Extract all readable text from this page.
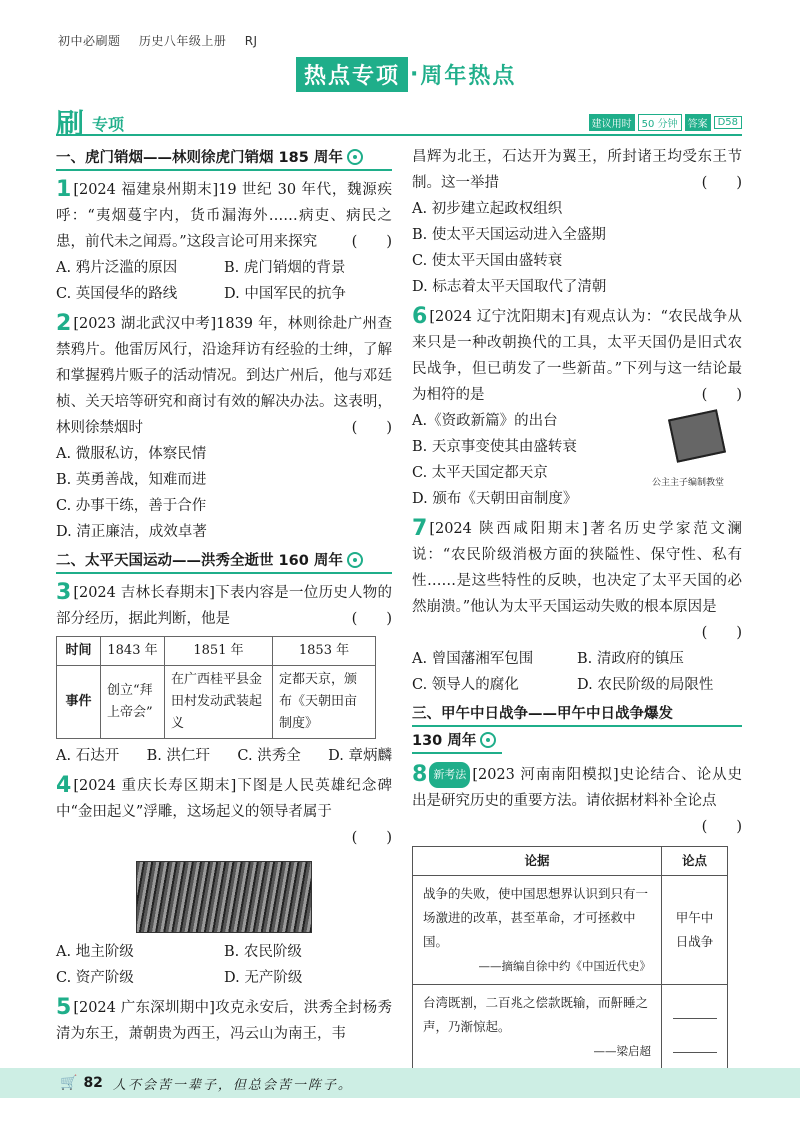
初中必刷题 历史八年级上册 RJ
热点专项 · 周年热点
刷 专项	建议用时	50 分钟	答案	D58
一、虎门销烟——林则徐虎门销烟 185 周年
1 [2024 福建泉州期末]19 世纪 30 年代，魏源疾呼：“夷烟蔓宇内，货币漏海外……病吏、病民之患，前代未之闻焉。”这段言论可用来探究 (　　)
A. 鸦片泛滥的原因	B. 虎门销烟的背景
C. 英国侵华的路线	D. 中国军民的抗争
2 [2023 湖北武汉中考]1839 年，林则徐赴广州查禁鸦片。他雷厉风行，沿途拜访有经验的士绅，了解和掌握鸦片贩子的活动情况。到达广州后，他与邓廷桢、关天培等研究和商讨有效的解决办法。这表明，林则徐禁烟时	(　　)
A. 微服私访，体察民情
B. 英勇善战，知难而进
C. 办事干练，善于合作
D. 清正廉洁，成效卓著
二、太平天国运动——洪秀全逝世 160 周年
3 [2024 吉林长春期末]下表内容是一位历史人物的部分经历，据此判断，他是	(　　)
时间	1843 年	1851 年	1853 年
事件	创立“拜上帝会”	在广西桂平县金田村发动武装起义	定都天京，颁布《天朝田亩制度》
A. 石达开 B. 洪仁玕 C. 洪秀全 D. 章炳麟
4 [2024 重庆长寿区期末]下图是人民英雄纪念碑中“金田起义”浮雕，这场起义的领导者属于
(　　)
A. 地主阶级	B. 农民阶级
C. 资产阶级	D. 无产阶级
5 [2024 广东深圳期中]攻克永安后，洪秀全封杨秀清为东王，萧朝贵为西王，冯云山为南王，韦
昌辉为北王，石达开为翼王，所封诸王均受东王节制。这一举措	(　　)
A. 初步建立起政权组织
B. 使太平天国运动进入全盛期
C. 使太平天国由盛转衰
D. 标志着太平天国取代了清朝
6 [2024 辽宁沈阳期末]有观点认为：“农民战争从来只是一种改朝换代的工具，太平天国仍是旧式农民战争，但已萌发了一些新苗。”下列与这一结论最为相符的是	(　　)
A.《资政新篇》的出台
B. 天京事变使其由盛转衰
C. 太平天国定都天京
D. 颁布《天朝田亩制度》
公主主子编制教堂
7 [2024 陕西咸阳期末]著名历史学家范文澜说：“农民阶级消极方面的狭隘性、保守性、私有性……是这些特性的反映，也决定了太平天国的必然崩溃。”他认为太平天国运动失败的根本原因是
(　　)
A. 曾国藩湘军包围	B. 清政府的镇压
C. 领导人的腐化	D. 农民阶级的局限性
三、甲午中日战争——甲午中日战争爆发
130 周年
8 新考法 [2023 河南南阳模拟]史论结合、论从史出是研究历史的重要方法。请依据材料补全论点
(　　)
论据	论点

战争的失败，使中国思想界认识到只有一场激进的改革，甚至革命，才可拯救中国。
——摘编自徐中约《中国近代史》	甲午中日战争

台湾既割，二百兆之偿款既输，而鼾睡之声，乃渐惊起。
——梁启超	

🛒 82 人不会苦一辈子，但总会苦一阵子。
